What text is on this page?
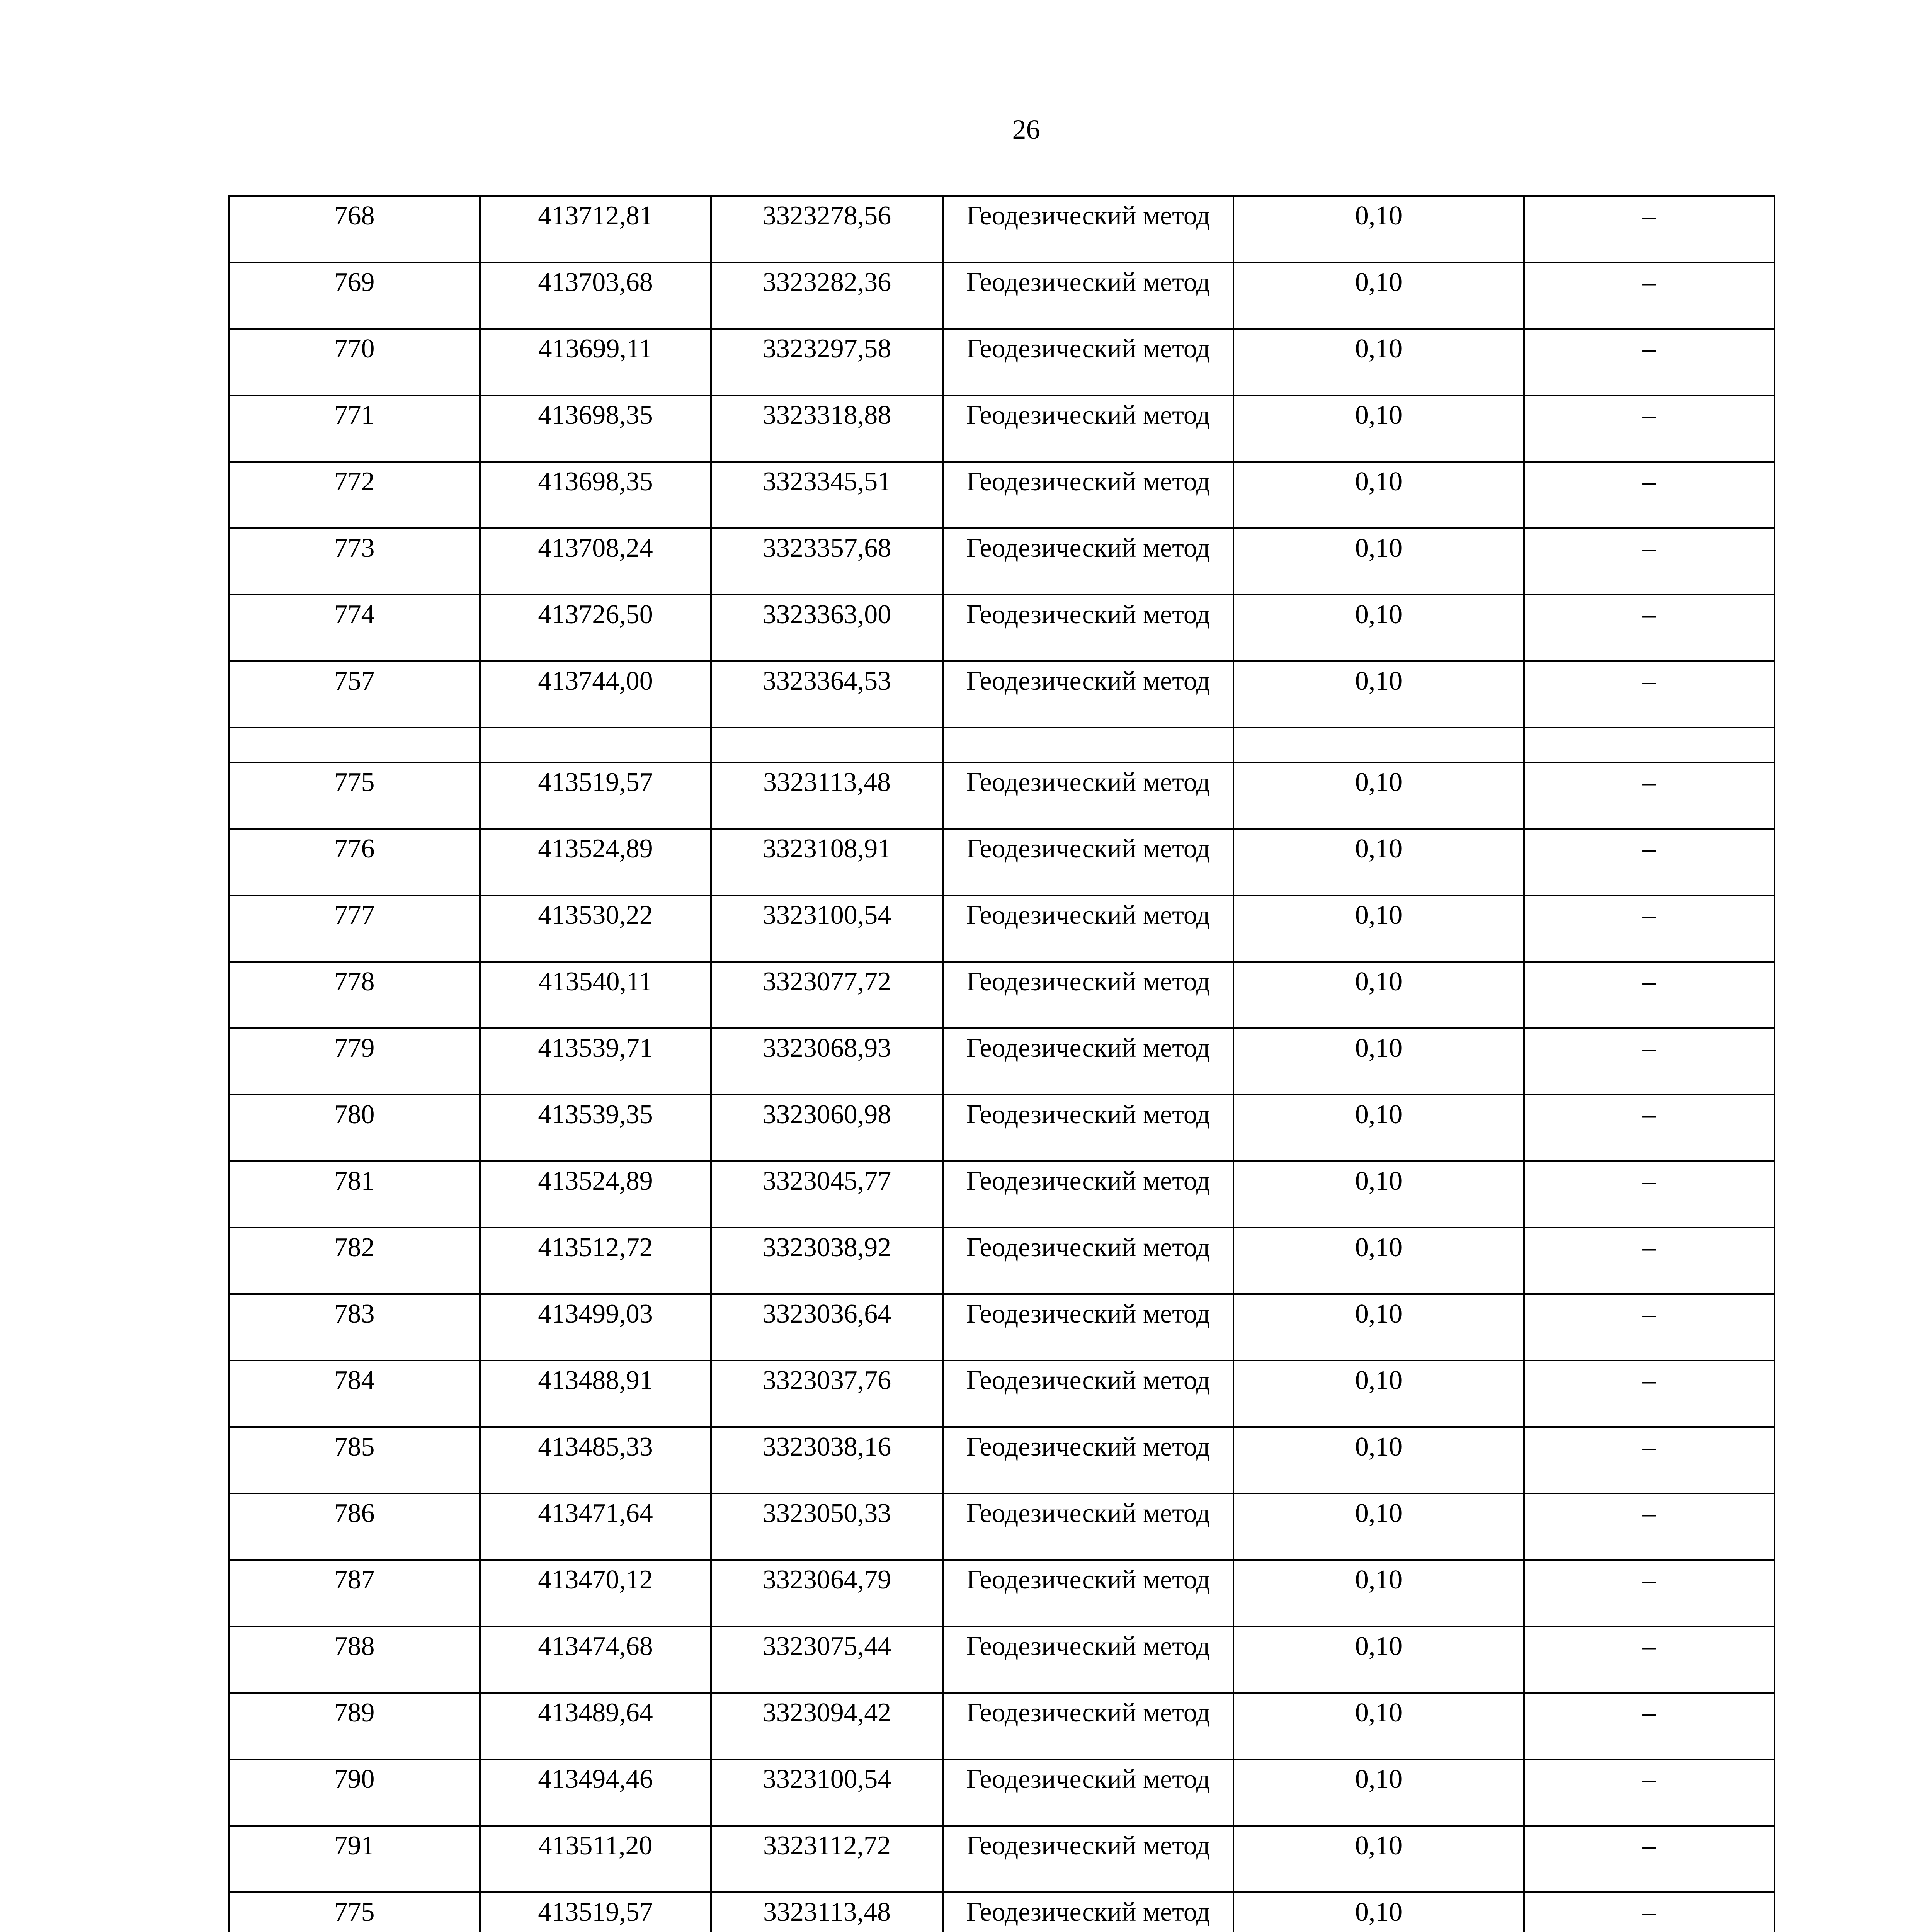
26
768	413712,81	3323278,56	Геодезический метод	0,10	–

769	413703,68	3323282,36	Геодезический метод	0,10	–

770	413699,11	3323297,58	Геодезический метод	0,10	–

771	413698,35	3323318,88	Геодезический метод	0,10	–

772	413698,35	3323345,51	Геодезический метод	0,10	–

773	413708,24	3323357,68	Геодезический метод	0,10	–

774	413726,50	3323363,00	Геодезический метод	0,10	–

757	413744,00	3323364,53	Геодезический метод	0,10	–

775	413519,57	3323113,48	Геодезический метод	0,10	–

776	413524,89	3323108,91	Геодезический метод	0,10	–

777	413530,22	3323100,54	Геодезический метод	0,10	–

778	413540,11	3323077,72	Геодезический метод	0,10	–

779	413539,71	3323068,93	Геодезический метод	0,10	–

780	413539,35	3323060,98	Геодезический метод	0,10	–

781	413524,89	3323045,77	Геодезический метод	0,10	–

782	413512,72	3323038,92	Геодезический метод	0,10	–

783	413499,03	3323036,64	Геодезический метод	0,10	–

784	413488,91	3323037,76	Геодезический метод	0,10	–

785	413485,33	3323038,16	Геодезический метод	0,10	–

786	413471,64	3323050,33	Геодезический метод	0,10	–

787	413470,12	3323064,79	Геодезический метод	0,10	–

788	413474,68	3323075,44	Геодезический метод	0,10	–

789	413489,64	3323094,42	Геодезический метод	0,10	–

790	413494,46	3323100,54	Геодезический метод	0,10	–

791	413511,20	3323112,72	Геодезический метод	0,10	–

775	413519,57	3323113,48	Геодезический метод	0,10	–
